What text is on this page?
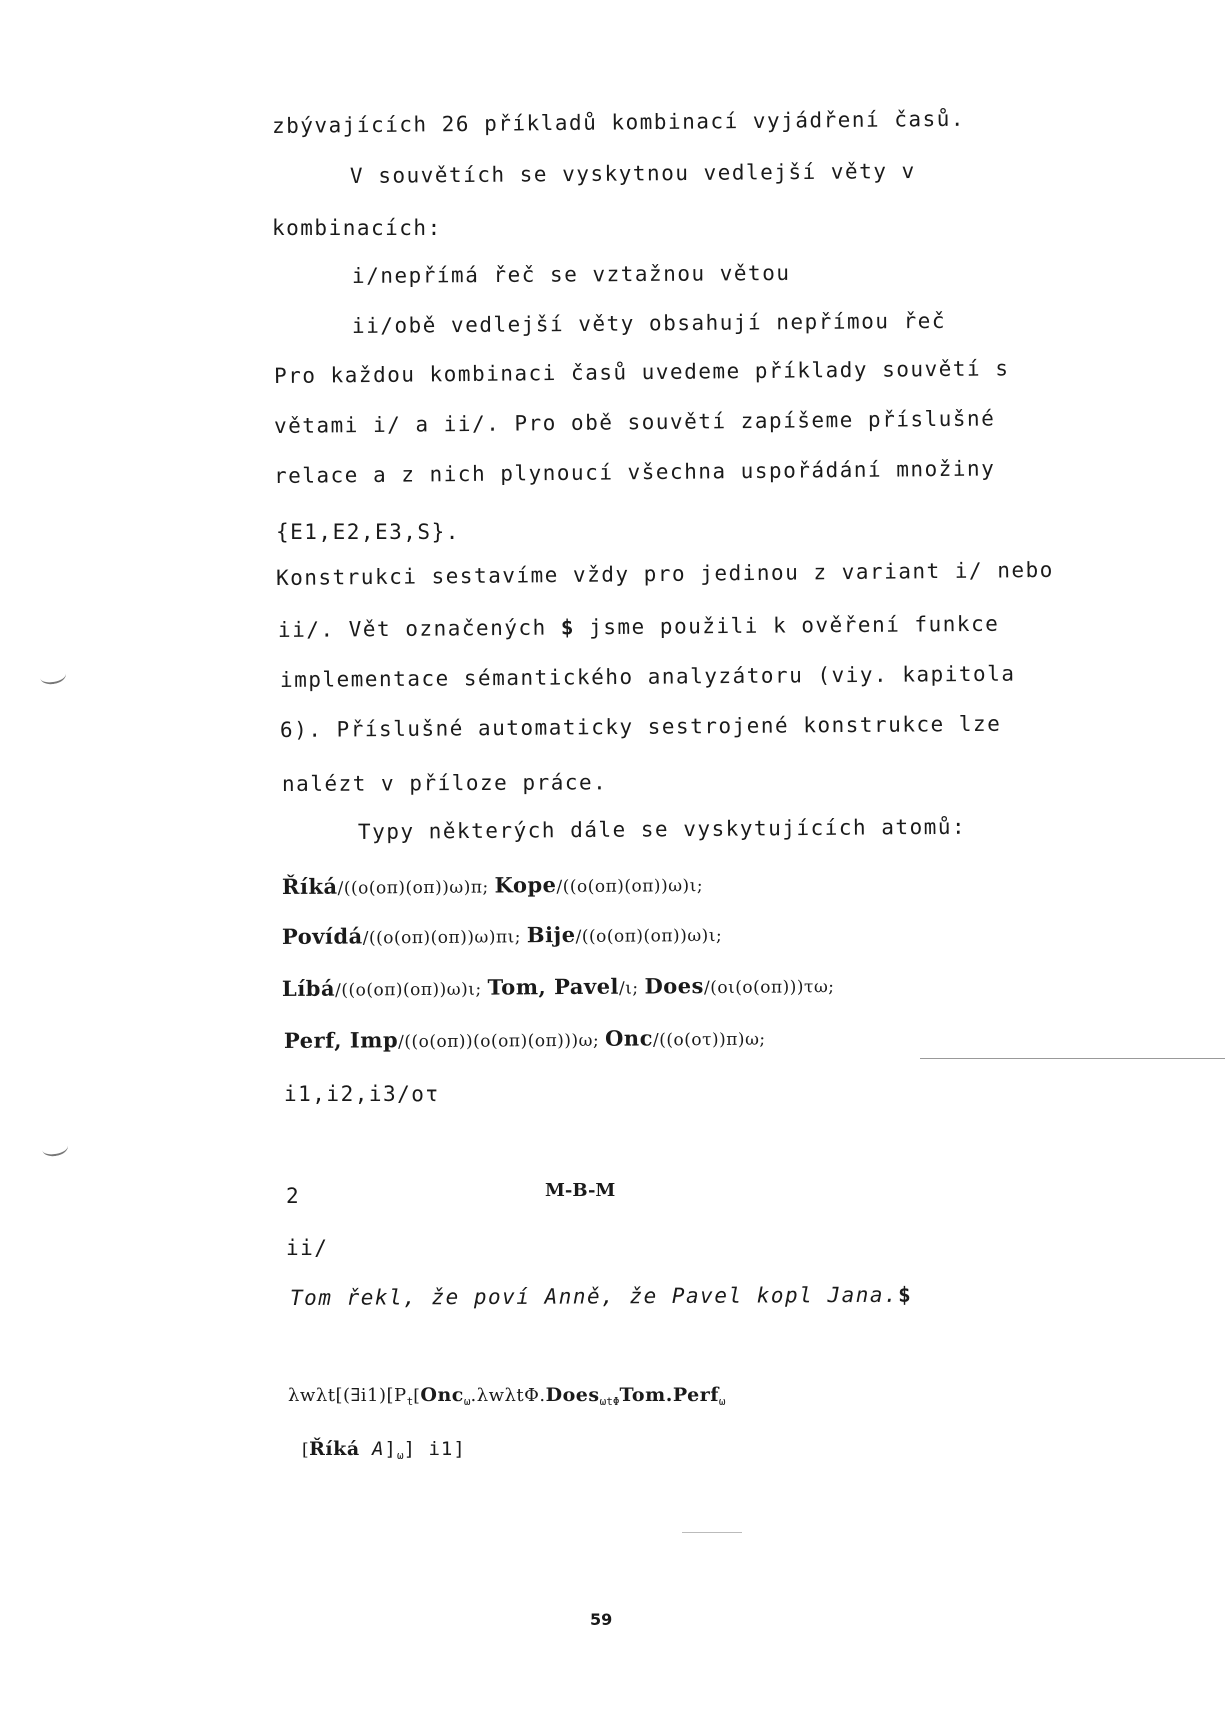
zbývajících 26 příkladů kombinací vyjádření časů.
V souvětích se vyskytnou vedlejší věty v
kombinacích:
i/nepřímá řeč se vztažnou větou
ii/obě vedlejší věty obsahují nepřímou řeč
Pro každou kombinaci časů uvedeme příklady souvětí s
větami i/ a ii/. Pro obě souvětí zapíšeme příslušné
relace a z nich plynoucí všechna uspořádání množiny
{E1,E2,E3,S}.
Konstrukci sestavíme vždy pro jedinou z variant i/ nebo
ii/. Vět označených $ jsme použili k ověření funkce
implementace sémantického analyzátoru (viy. kapitola
6). Příslušné automaticky sestrojené konstrukce lze
nalézt v příloze práce.
Typy některých dále se vyskytujících atomů:
Říká/((ο(οπ)(οπ))ω)π; Kope/((ο(οπ)(οπ))ω)ι;
Povídá/((ο(οπ)(οπ))ω)πι; Bije/((ο(οπ)(οπ))ω)ι;
Líbá/((ο(οπ)(οπ))ω)ι; Tom, Pavel/ι; Does/(οι(ο(οπ)))τω;
Perf, Imp/((ο(οπ))(ο(οπ)(οπ)))ω; Onc/((ο(οτ))π)ω;
i1,i2,i3/οτ
2	M-B-M
ii/
Tom řekl, že poví Anně, že Pavel kopl Jana.$
$\lambda w\lambda t[(\exists i1)[P_t[Onc_\omega.\lambda w\lambda t\Phi.Does_{\omega t\Phi}Tom.Perf_\omega$
[Říká $A]_\omega$] i1]
59
